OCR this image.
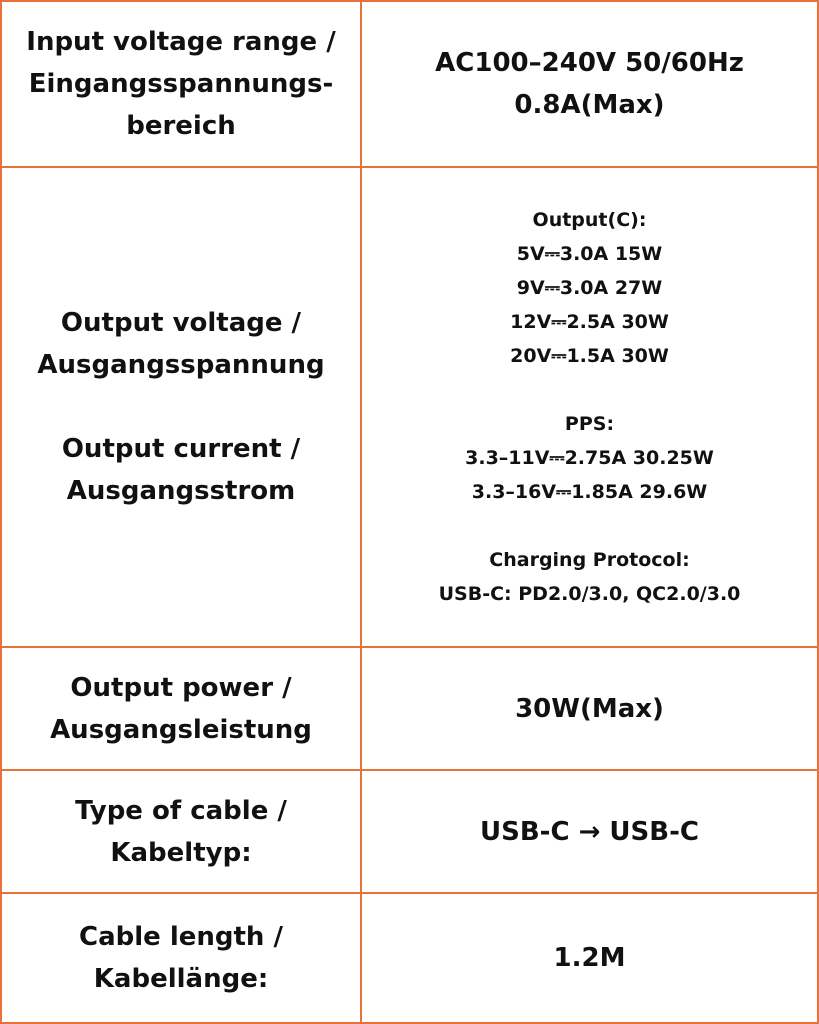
Input voltage range /
Eingangsspannungs-
bereich
AC100–240V 50/60Hz
0.8A(Max)
Output voltage /
Ausgangsspannung
Output current /
Ausgangsstrom
Output(C):
5V⎓3.0A 15W
9V⎓3.0A 27W
12V⎓2.5A 30W
20V⎓1.5A 30W
PPS:
3.3–11V⎓2.75A 30.25W
3.3–16V⎓1.85A 29.6W
Charging Protocol:
USB-C: PD2.0/3.0, QC2.0/3.0
Output power /
Ausgangsleistung
30W(Max)
Type of cable /
Kabeltyp:
USB-C → USB-C
Cable length /
Kabellänge:
1.2M
